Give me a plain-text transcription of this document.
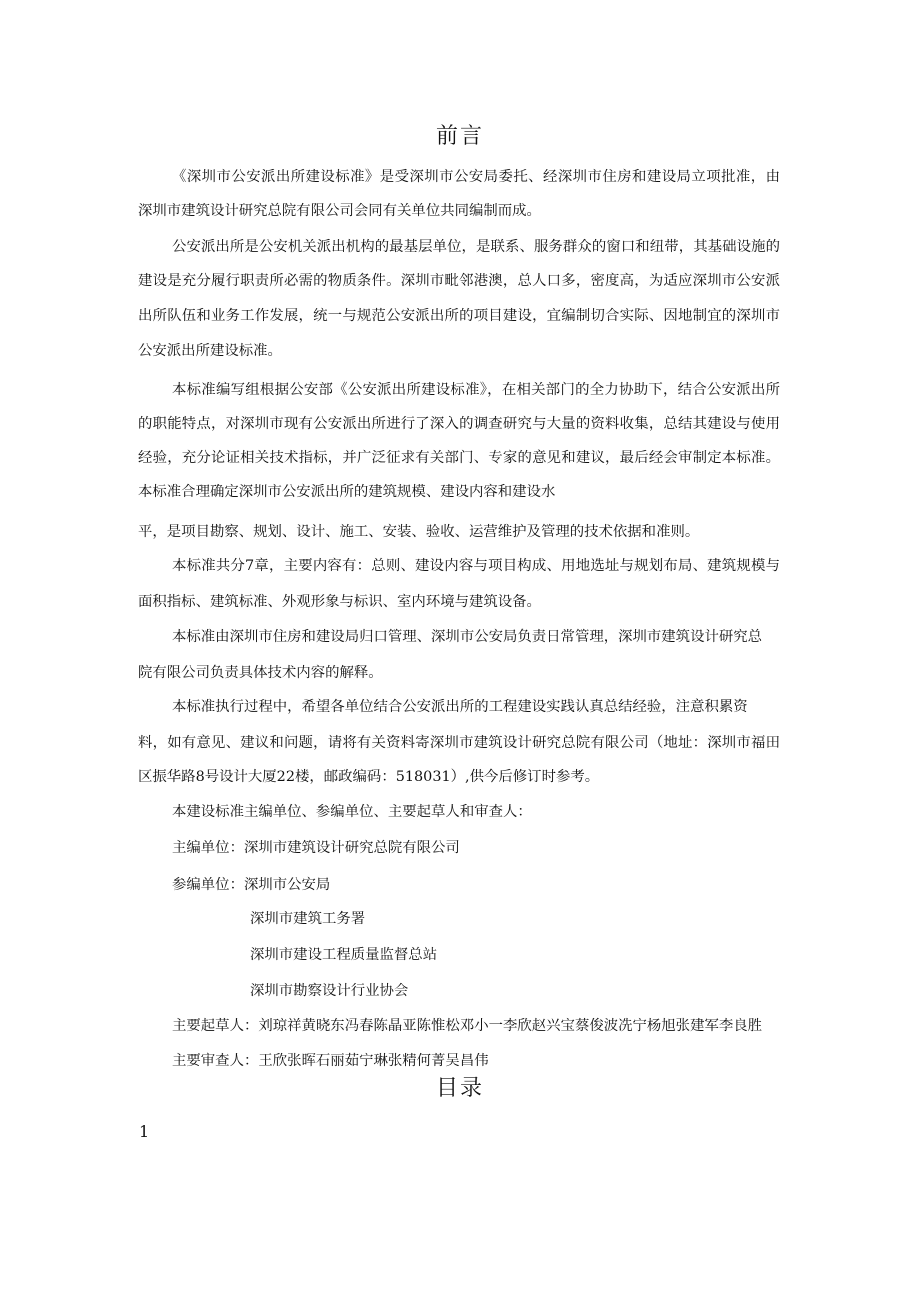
前言
《深圳市公安派出所建设标准》是受深圳市公安局委托、经深圳市住房和建设局立项批准，由
深圳市建筑设计研究总院有限公司会同有关单位共同编制而成。
公安派出所是公安机关派出机构的最基层单位，是联系、服务群众的窗口和纽带，其基础设施的
建设是充分履行职责所必需的物质条件。深圳市毗邻港澳，总人口多，密度高，为适应深圳市公安派
出所队伍和业务工作发展，统一与规范公安派出所的项目建设，宜编制切合实际、因地制宜的深圳市
公安派出所建设标准。
本标准编写组根据公安部《公安派出所建设标准》，在相关部门的全力协助下，结合公安派出所
的职能特点，对深圳市现有公安派出所进行了深入的调查研究与大量的资料收集，总结其建设与使用
经验，充分论证相关技术指标，并广泛征求有关部门、专家的意见和建议，最后经会审制定本标准。
本标准合理确定深圳市公安派出所的建筑规模、建设内容和建设水
平，是项目勘察、规划、设计、施工、安装、验收、运营维护及管理的技术依据和准则。
本标准共分7章，主要内容有：总则、建设内容与项目构成、用地选址与规划布局、建筑规模与
面积指标、建筑标准、外观形象与标识、室内环境与建筑设备。
本标准由深圳市住房和建设局归口管理、深圳市公安局负责日常管理，深圳市建筑设计研究总
院有限公司负责具体技术内容的解释。
本标准执行过程中，希望各单位结合公安派出所的工程建设实践认真总结经验，注意积累资
料，如有意见、建议和问题，请将有关资料寄深圳市建筑设计研究总院有限公司（地址：深圳市福田
区振华路8号设计大厦22楼，邮政编码：518031）,供今后修订时参考。
本建设标准主编单位、参编单位、主要起草人和审查人：
主编单位：深圳市建筑设计研究总院有限公司
参编单位：深圳市公安局
深圳市建筑工务署
深圳市建设工程质量监督总站
深圳市勘察设计行业协会
主要起草人：刘琼祥黄晓东冯春陈晶亚陈惟松邓小一李欣赵兴宝蔡俊波冼宁杨旭张建军李良胜
主要审查人：王欣张晖石丽茹宁琳张精何菁吴昌伟
目录
1
